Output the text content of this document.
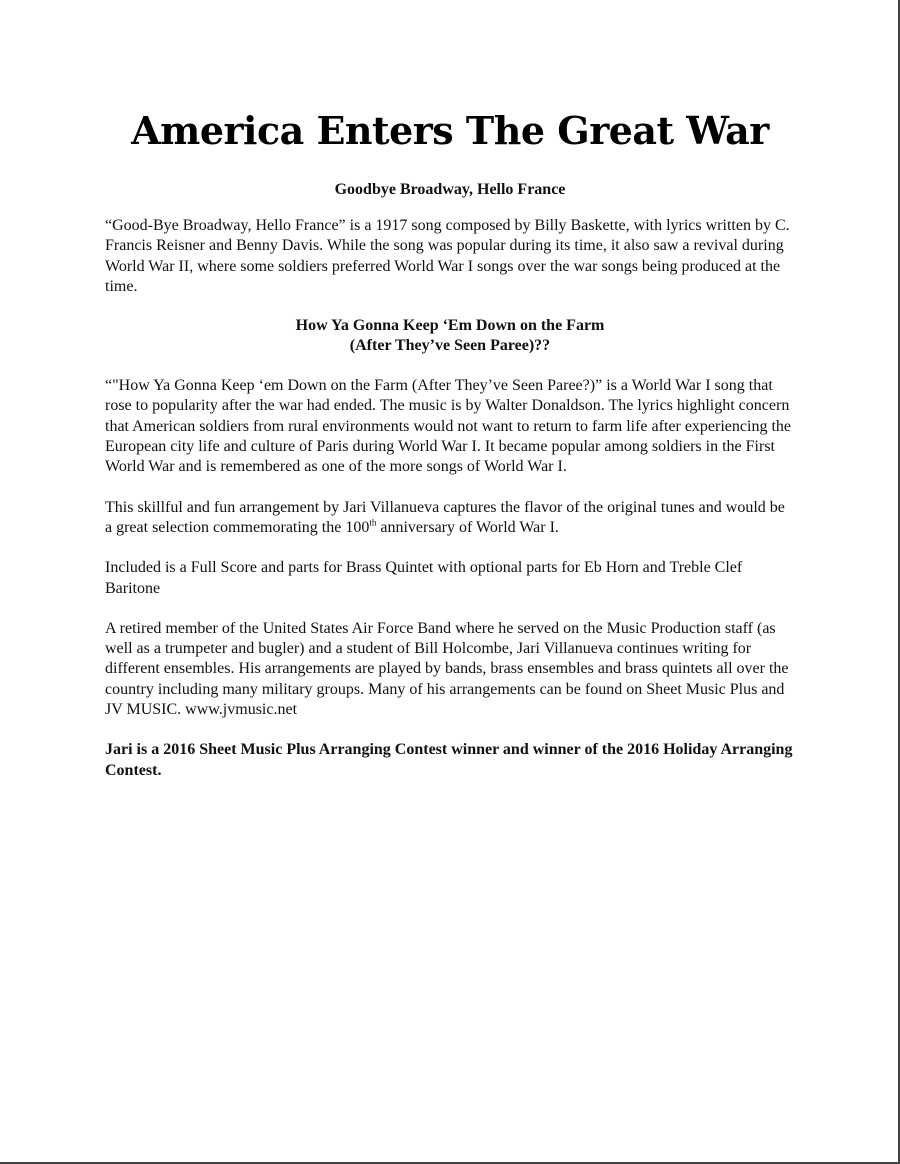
America Enters The Great War

Goodbye Broadway, Hello France

“Good-Bye Broadway, Hello France” is a 1917 song composed by Billy Baskette, with lyrics written by C. Francis Reisner and Benny Davis. While the song was popular during its time, it also saw a revival during World War II, where some soldiers preferred World War I songs over the war songs being produced at the time.

How Ya Gonna Keep ‘Em Down on the Farm
(After They’ve Seen Paree)??

“"How Ya Gonna Keep ‘em Down on the Farm (After They’ve Seen Paree?)” is a World War I song that rose to popularity after the war had ended. The music is by Walter Donaldson. The lyrics highlight concern that American soldiers from rural environments would not want to return to farm life after experiencing the European city life and culture of Paris during World War I. It became popular among soldiers in the First World War and is remembered as one of the more songs of World War I.

This skillful and fun arrangement by Jari Villanueva captures the flavor of the original tunes and would be a great selection commemorating the 100th anniversary of World War I.

Included is a Full Score and parts for Brass Quintet with optional parts for Eb Horn and Treble Clef Baritone

A retired member of the United States Air Force Band where he served on the Music Production staff (as well as a trumpeter and bugler) and a student of Bill Holcombe, Jari Villanueva continues writing for different ensembles. His arrangements are played by bands, brass ensembles and brass quintets all over the country including many military groups. Many of his arrangements can be found on Sheet Music Plus and JV MUSIC. www.jvmusic.net

Jari is a 2016 Sheet Music Plus Arranging Contest winner and winner of the 2016 Holiday Arranging Contest.
